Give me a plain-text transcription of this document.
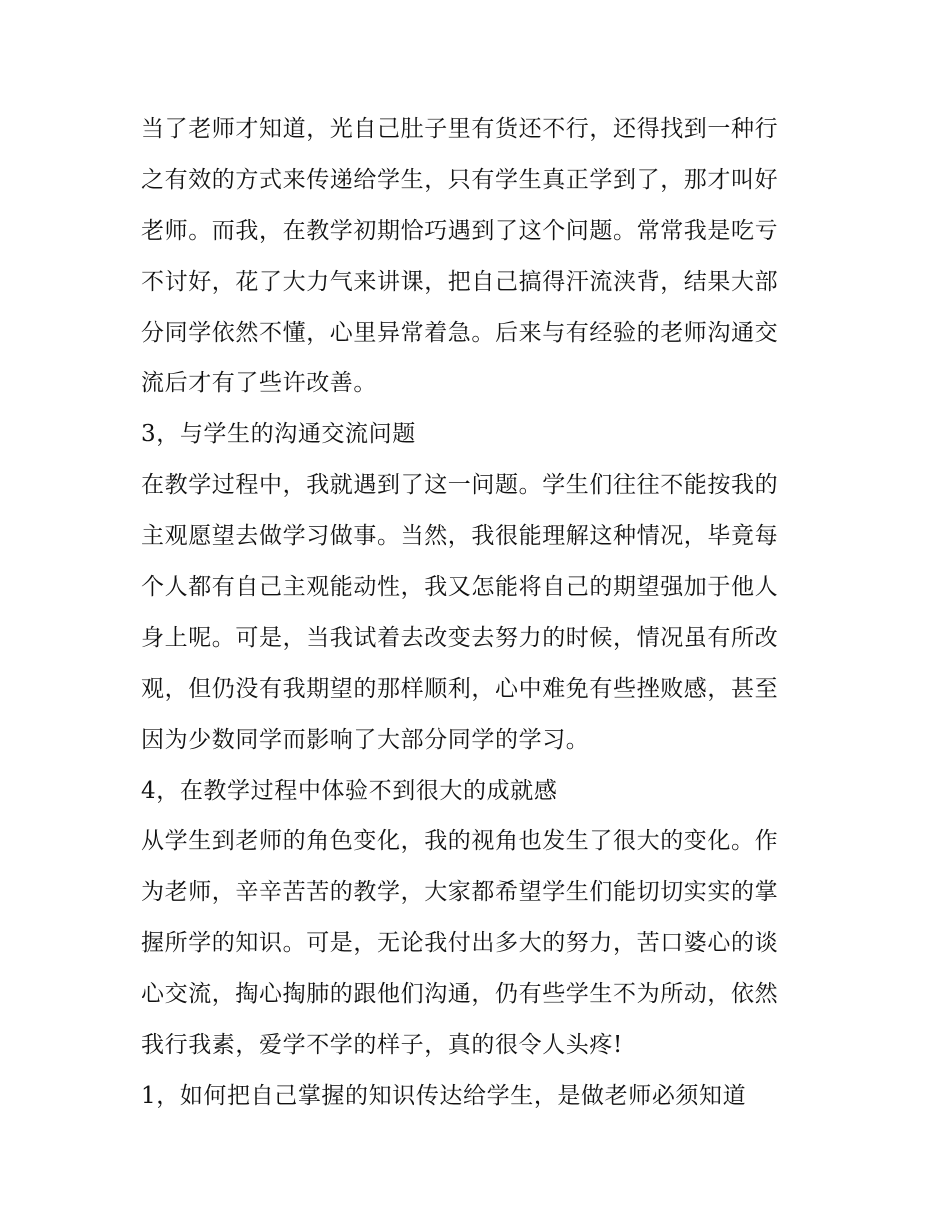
当了老师才知道，光自己肚子里有货还不行，还得找到一种行
之有效的方式来传递给学生，只有学生真正学到了，那才叫好
老师。而我，在教学初期恰巧遇到了这个问题。常常我是吃亏
不讨好，花了大力气来讲课，把自己搞得汗流浃背，结果大部
分同学依然不懂，心里异常着急。后来与有经验的老师沟通交
流后才有了些许改善。
3，与学生的沟通交流问题
在教学过程中，我就遇到了这一问题。学生们往往不能按我的
主观愿望去做学习做事。当然，我很能理解这种情况，毕竟每
个人都有自己主观能动性，我又怎能将自己的期望强加于他人
身上呢。可是，当我试着去改变去努力的时候，情况虽有所改
观，但仍没有我期望的那样顺利，心中难免有些挫败感，甚至
因为少数同学而影响了大部分同学的学习。
4，在教学过程中体验不到很大的成就感
从学生到老师的角色变化，我的视角也发生了很大的变化。作
为老师，辛辛苦苦的教学，大家都希望学生们能切切实实的掌
握所学的知识。可是，无论我付出多大的努力，苦口婆心的谈
心交流，掏心掏肺的跟他们沟通，仍有些学生不为所动，依然
我行我素，爱学不学的样子，真的很令人头疼!
1，如何把自己掌握的知识传达给学生，是做老师必须知道
